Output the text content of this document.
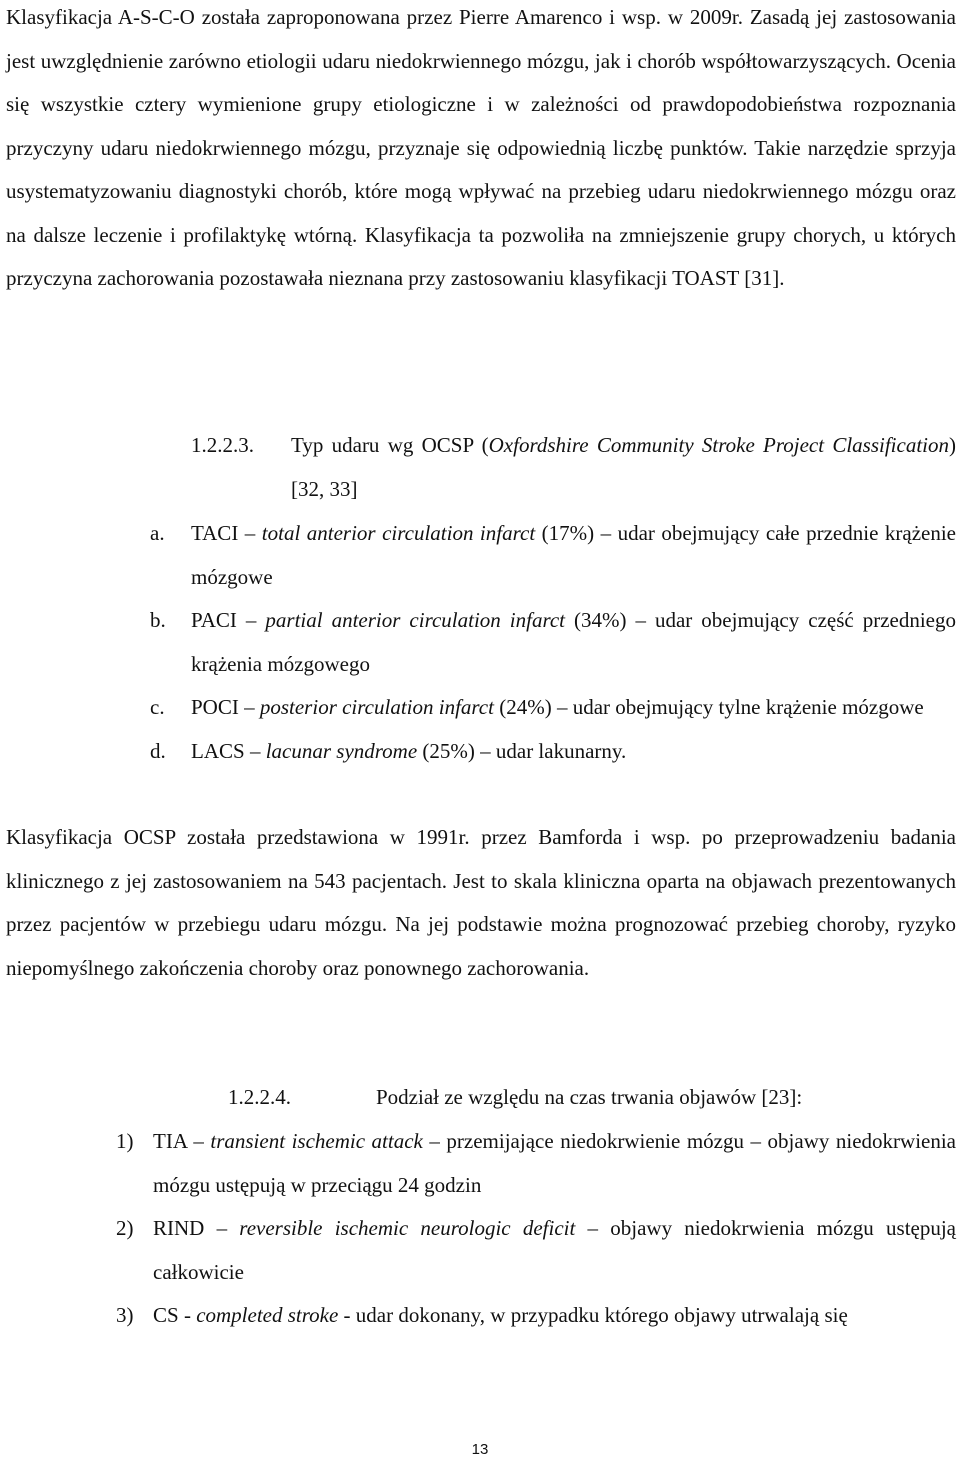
Klasyfikacja A-S-C-O została zaproponowana przez Pierre Amarenco i wsp. w 2009r. Zasadą jej zastosowania jest uwzględnienie zarówno etiologii udaru niedokrwiennego mózgu, jak i chorób współtowarzyszących. Ocenia się wszystkie cztery wymienione grupy etiologiczne i w zależności od prawdopodobieństwa rozpoznania przyczyny udaru niedokrwiennego mózgu, przyznaje się odpowiednią liczbę punktów. Takie narzędzie sprzyja usystematyzowaniu diagnostyki chorób, które mogą wpływać na przebieg udaru niedokrwiennego mózgu oraz na dalsze leczenie i profilaktykę wtórną. Klasyfikacja ta pozwoliła na zmniejszenie grupy chorych, u których przyczyna zachorowania pozostawała nieznana przy zastosowaniu klasyfikacji TOAST [31].

1.2.2.3. Typ udaru wg OCSP (Oxfordshire Community Stroke Project Classification) [32, 33]
a. TACI – total anterior circulation infarct (17%) – udar obejmujący całe przednie krążenie mózgowe
b. PACI – partial anterior circulation infarct (34%) – udar obejmujący część przedniego krążenia mózgowego
c. POCI – posterior circulation infarct (24%) – udar obejmujący tylne krążenie mózgowe
d. LACS – lacunar syndrome (25%) – udar lakunarny.

Klasyfikacja OCSP została przedstawiona w 1991r. przez Bamforda i wsp. po przeprowadzeniu badania klinicznego z jej zastosowaniem na 543 pacjentach. Jest to skala kliniczna oparta na objawach prezentowanych przez pacjentów w przebiegu udaru mózgu. Na jej podstawie można prognozować przebieg choroby, ryzyko niepomyślnego zakończenia choroby oraz ponownego zachorowania.

1.2.2.4.	Podział ze względu na czas trwania objawów [23]:
1) TIA – transient ischemic attack – przemijające niedokrwienie mózgu – objawy niedokrwienia mózgu ustępują w przeciągu 24 godzin
2) RIND – reversible ischemic neurologic deficit – objawy niedokrwienia mózgu ustępują całkowicie
3) CS - completed stroke - udar dokonany, w przypadku którego objawy utrwalają się
13
